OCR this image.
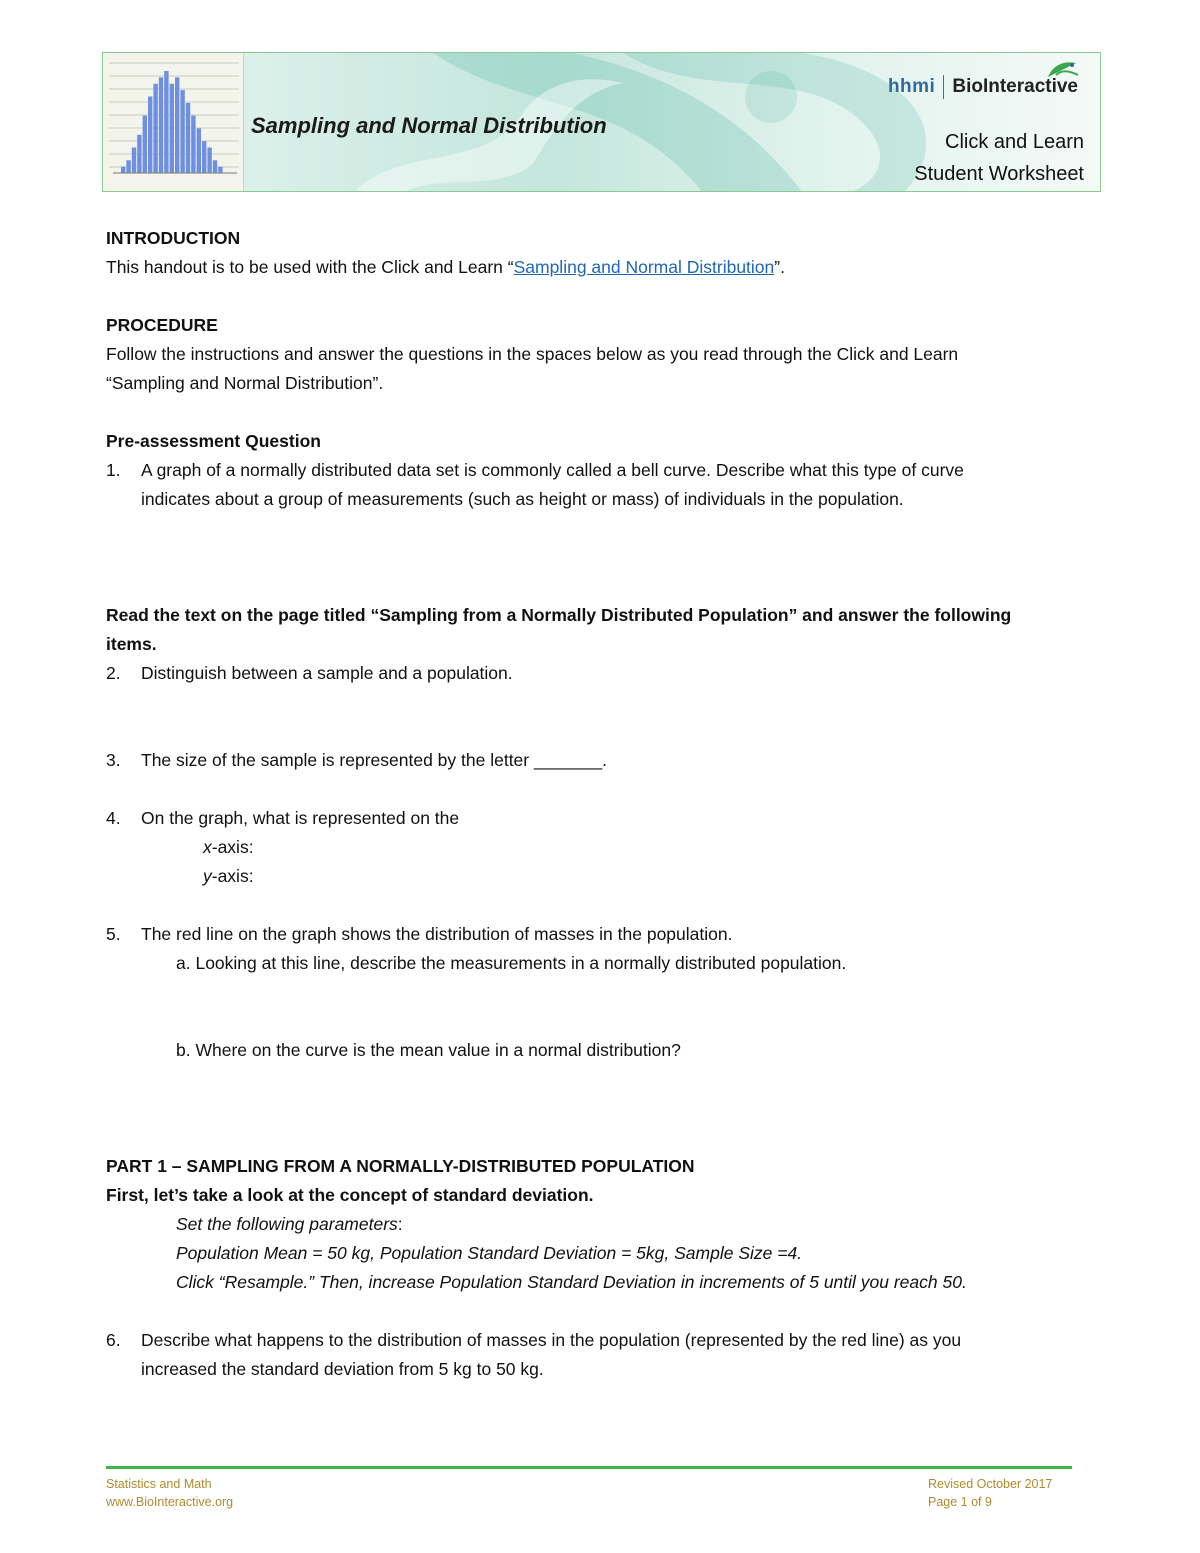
Sampling and Normal Distribution
hhmi BioInteractive
Click and Learn
Student Worksheet

INTRODUCTION

This handout is to be used with the Click and Learn “Sampling and Normal Distribution”.

PROCEDURE

Follow the instructions and answer the questions in the spaces below as you read through the Click and Learn

“Sampling and Normal Distribution”.

Pre-assessment Question

1.	A graph of a normally distributed data set is commonly called a bell curve. Describe what this type of curve

indicates about a group of measurements (such as height or mass) of individuals in the population.

Read the text on the page titled “Sampling from a Normally Distributed Population” and answer the following

items.

2.	Distinguish between a sample and a population.

3.	The size of the sample is represented by the letter _______.

4.	On the graph, what is represented on the

x-axis:

y-axis:

5.	The red line on the graph shows the distribution of masses in the population.

a. Looking at this line, describe the measurements in a normally distributed population.

b. Where on the curve is the mean value in a normal distribution?

PART 1 – SAMPLING FROM A NORMALLY-DISTRIBUTED POPULATION

First, let’s take a look at the concept of standard deviation.

Set the following parameters:

Population Mean = 50 kg, Population Standard Deviation = 5kg, Sample Size =4.

Click “Resample.” Then, increase Population Standard Deviation in increments of 5 until you reach 50.

6.	Describe what happens to the distribution of masses in the population (represented by the red line) as you

increased the standard deviation from 5 kg to 50 kg.

Statistics and Math
www.BioInteractive.org
Revised October 2017
Page 1 of 9
